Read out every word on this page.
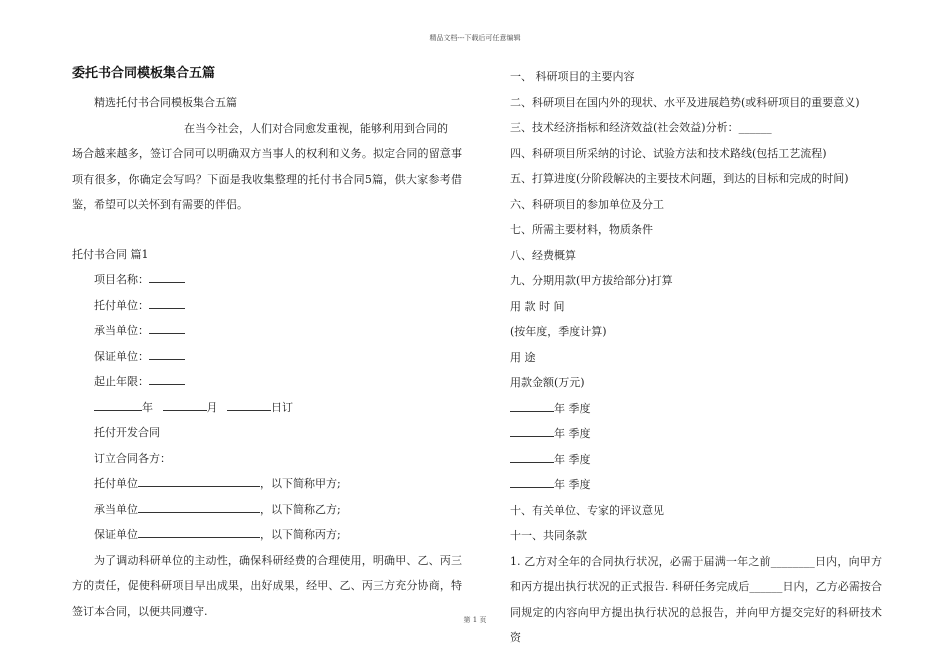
精品文档---下载后可任意编辑
委托书合同模板集合五篇
精选托付书合同模板集合五篇
在当今社会，人们对合同愈发重视，能够利用到合同的
场合越来越多，签订合同可以明确双方当事人的权利和义务。拟定合同的留意事项有很多，你确定会写吗？下面是我收集整理的托付书合同5篇，供大家参考借鉴，希望可以关怀到有需要的伴侣。
托付书合同 篇1
项目名称：
托付单位：
承当单位：
保证单位：
起止年限：
年	月	日订
托付开发合同
订立合同各方：
托付单位	，以下简称甲方;
承当单位	，以下简称乙方;
保证单位	，以下简称丙方;
为了调动科研单位的主动性，确保科研经费的合理使用，明确甲、乙、丙三方的责任，促使科研项目早出成果，出好成果，经甲、乙、丙三方充分协商，特签订本合同，以便共同遵守.
一、 科研项目的主要内容
二、科研项目在国内外的现状、水平及进展趋势(或科研项目的重要意义)
三、技术经济指标和经济效益(社会效益)分析：______
四、科研项目所采纳的讨论、试验方法和技术路线(包括工艺流程)
五、打算进度(分阶段解决的主要技术问题，到达的目标和完成的时间)
六、科研项目的参加单位及分工
七、所需主要材料，物质条件
八、经费概算
九、分期用款(甲方拔给部分)打算
用 款 时 间
(按年度，季度计算)
用 途
用款金额(万元)
年 季度
年 季度
年 季度
年 季度
十、有关单位、专家的评议意见
十一、共同条款
1. 乙方对全年的合同执行状况，必需于届满一年之前________日内，向甲方和丙方提出执行状况的正式报告. 科研任务完成后______日内，乙方必需按合同规定的内容向甲方提出执行状况的总报告，并向甲方提交完好的科研技术资
第 1 页
